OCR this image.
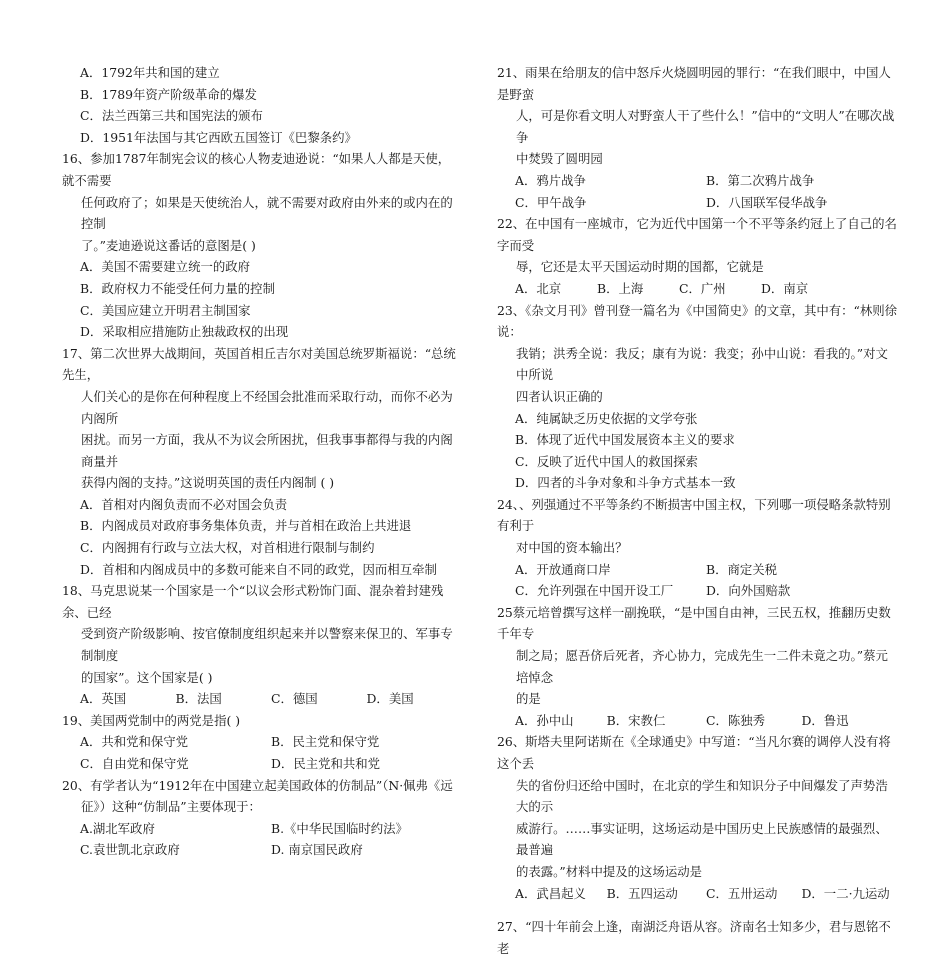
A．1792年共和国的建立
B．1789年资产阶级革命的爆发
C．法兰西第三共和国宪法的颁布
D．1951年法国与其它西欧五国签订《巴黎条约》
16、参加1787年制宪会议的核心人物麦迪逊说：“如果人人都是天使，就不需要
任何政府了；如果是天使统治人，就不需要对政府由外来的或内在的控制
了。”麦迪逊说这番话的意图是( )
A．美国不需要建立统一的政府
B．政府权力不能受任何力量的控制
C．美国应建立开明君主制国家
D．采取相应措施防止独裁政权的出现
17、第二次世界大战期间，英国首相丘吉尔对美国总统罗斯福说：“总统先生，
人们关心的是你在何种程度上不经国会批准而采取行动，而你不必为内阁所
困扰。而另一方面，我从不为议会所困扰，但我事事都得与我的内阁商量并
获得内阁的支持。”这说明英国的责任内阁制 ( )
A．首相对内阁负责而不必对国会负责
B．内阁成员对政府事务集体负责，并与首相在政治上共进退
C．内阁拥有行政与立法大权，对首相进行限制与制约
D．首相和内阁成员中的多数可能来自不同的政党，因而相互牵制
18、马克思说某一个国家是一个“以议会形式粉饰门面、混杂着封建残余、已经
受到资产阶级影响、按官僚制度组织起来并以警察来保卫的、军事专制制度
的国家”。这个国家是( )
A．英国	B．法国	C．德国	D．美国
19、美国两党制中的两党是指( )
A．共和党和保守党	B．民主党和保守党
C．自由党和保守党	D．民主党和共和党
20、有学者认为“1912年在中国建立起美国政体的仿制品”（N·佩弗《远
征》）这种“仿制品”主要体现于：
A.湖北军政府	B.《中华民国临时约法》
C.袁世凯北京政府	D. 南京国民政府
21、雨果在给朋友的信中怒斥火烧圆明园的罪行：“在我们眼中，中国人是野蛮
人，可是你看文明人对野蛮人干了些什么！”信中的“文明人”在哪次战争
中焚毁了圆明园
A．鸦片战争	B．第二次鸦片战争
C．甲午战争	D．八国联军侵华战争
22、在中国有一座城市，它为近代中国第一个不平等条约冠上了自己的名字而受
辱，它还是太平天国运动时期的国都，它就是
A．北京	B．上海	C．广州	D．南京
23、《杂文月刊》曾刊登一篇名为《中国简史》的文章，其中有：“林则徐说：
我销；洪秀全说：我反；康有为说：我变；孙中山说：看我的。”对文中所说
四者认识正确的
A．纯属缺乏历史依据的文学夸张
B．体现了近代中国发展资本主义的要求
C．反映了近代中国人的救国探索
D．四者的斗争对象和斗争方式基本一致
24、、列强通过不平等条约不断损害中国主权，下列哪一项侵略条款特别有利于
对中国的资本输出？
A．开放通商口岸	B．商定关税
C．允许列强在中国开设工厂	D．向外国赔款
25蔡元培曾撰写这样一副挽联，“是中国自由神，三民五权，推翻历史数千年专
制之局；愿吾侪后死者，齐心协力，完成先生一二件未竟之功。”蔡元培悼念
的是
A．孙中山	B．宋教仁	C．陈独秀	D．鲁迅
26、斯塔夫里阿诺斯在《全球通史》中写道：“当凡尔赛的调停人没有将这个丢
失的省份归还给中国时，在北京的学生和知识分子中间爆发了声势浩大的示
威游行。……事实证明，这场运动是中国历史上民族感情的最强烈、最普遍
的表露。”材料中提及的这场运动是
A．武昌起义	B．五四运动	C．五卅运动	D．一二·九运动
27、“四十年前会上逢，南湖泛舟语从容。济南名士知多少，君与恩铭不老
